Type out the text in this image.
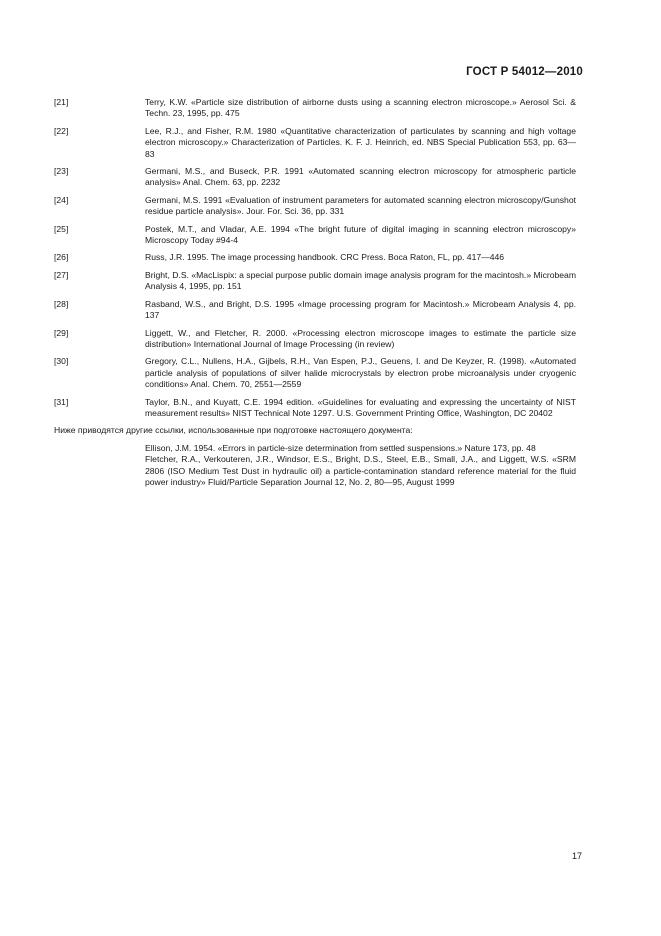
ГОСТ Р 54012—2010
[21]	Terry, K.W. «Particle size distribution of airborne dusts using a scanning electron microscope.» Aerosol Sci. & Techn. 23, 1995, pp. 475
[22]	Lee, R.J., and Fisher, R.M. 1980 «Quantitative characterization of particulates by scanning and high voltage electron microscopy.» Characterization of Particles. K. F. J. Heinrich, ed. NBS Special Publication 553, pp. 63—83
[23]	Germani, M.S., and Buseck, P.R. 1991 «Automated scanning electron microscopy for atmospheric particle analysis» Anal. Chem. 63, pp. 2232
[24]	Germani, M.S. 1991 «Evaluation of instrument parameters for automated scanning electron microscopy/Gunshot residue particle analysis». Jour. For. Sci. 36, pp. 331
[25]	Postek, M.T., and Vladar, A.E. 1994 «The bright future of digital imaging in scanning electron microscopy» Microscopy Today #94-4
[26]	Russ, J.R. 1995. The image processing handbook. CRC Press. Boca Raton, FL, pp. 417—446
[27]	Bright, D.S. «MacLispix: a special purpose public domain image analysis program for the macintosh.» Microbeam Analysis 4, 1995, pp. 151
[28]	Rasband, W.S., and Bright, D.S. 1995 «Image processing program for Macintosh.» Microbeam Analysis 4, pp. 137
[29]	Liggett, W., and Fletcher, R. 2000. «Processing electron microscope images to estimate the particle size distribution» International Journal of Image Processing (in review)
[30]	Gregory, C.L., Nullens, H.A., Gijbels, R.H., Van Espen, P.J., Geuens, I. and De Keyzer, R. (1998). «Automated particle analysis of populations of silver halide microcrystals by electron probe microanalysis under cryogenic conditions» Anal. Chem. 70, 2551—2559
[31]	Taylor, B.N., and Kuyatt, C.E. 1994 edition. «Guidelines for evaluating and expressing the uncertainty of NIST measurement results» NIST Technical Note 1297. U.S. Government Printing Office, Washington, DC 20402
Ниже приводятся другие ссылки, использованные при подготовке настоящего документа:
Ellison, J.M. 1954. «Errors in particle-size determination from settled suspensions.» Nature 173, pp. 48
Fletcher, R.A., Verkouteren, J.R., Windsor, E.S., Bright, D.S., Steel, E.B., Small, J.A., and Liggett, W.S. «SRM 2806 (ISO Medium Test Dust in hydraulic oil) a particle-contamination standard reference material for the fluid power industry» Fluid/Particle Separation Journal 12, No. 2, 80—95, August 1999
17
